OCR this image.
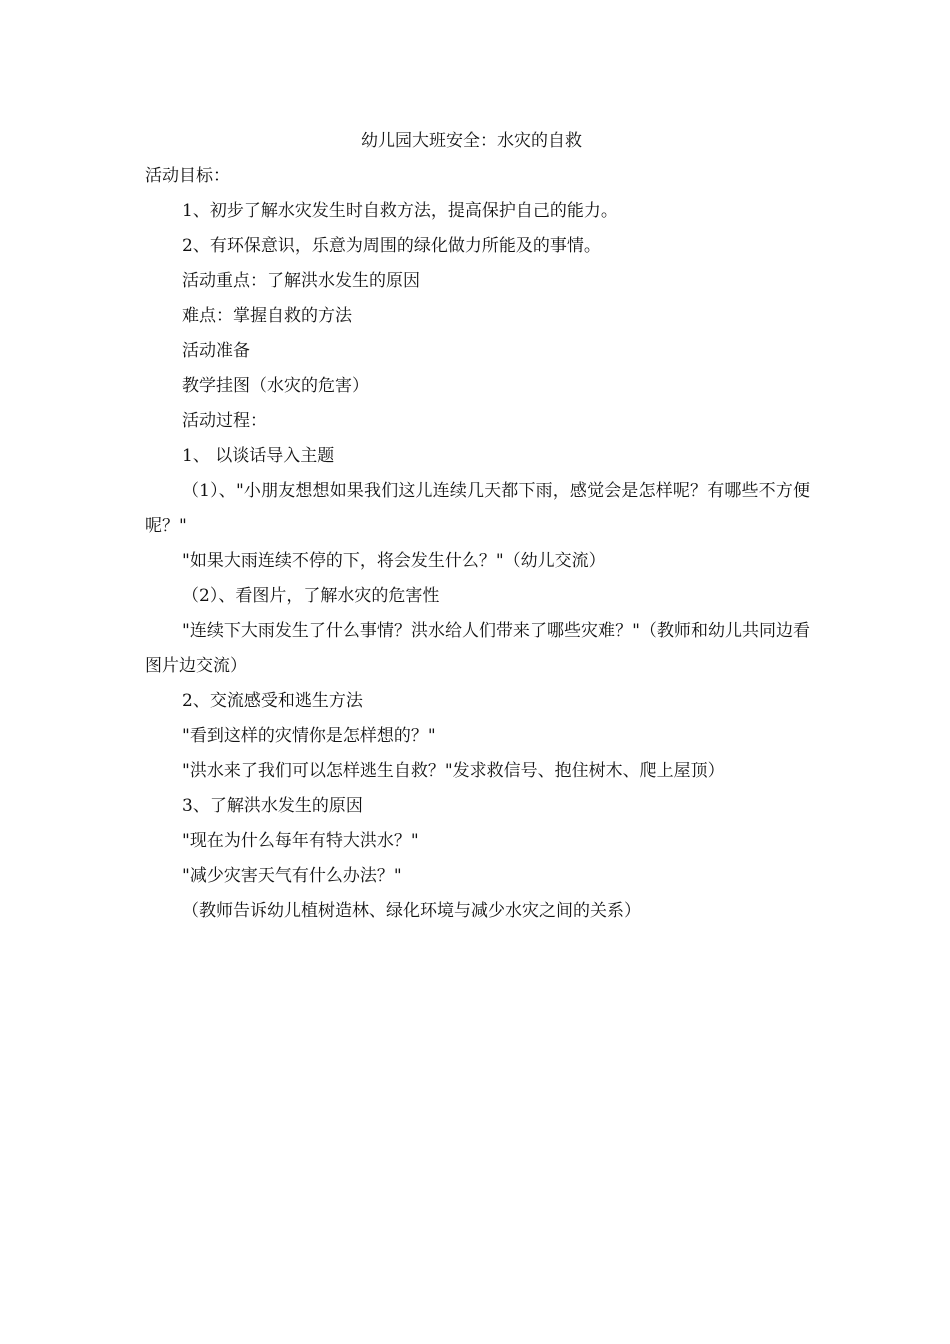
幼儿园大班安全：水灾的自救
活动目标：
1、初步了解水灾发生时自救方法，提高保护自己的能力。
2、有环保意识，乐意为周围的绿化做力所能及的事情。
活动重点：了解洪水发生的原因
难点：掌握自救的方法
活动准备
教学挂图（水灾的危害）
活动过程：
1、 以谈话导入主题
（1）、"小朋友想想如果我们这儿连续几天都下雨，感觉会是怎样呢？有哪些不方便呢？"
"如果大雨连续不停的下，将会发生什么？"（幼儿交流）
（2）、看图片，了解水灾的危害性
"连续下大雨发生了什么事情？洪水给人们带来了哪些灾难？"（教师和幼儿共同边看图片边交流）
2、交流感受和逃生方法
"看到这样的灾情你是怎样想的？"
"洪水来了我们可以怎样逃生自救？"发求救信号、抱住树木、爬上屋顶）
3、了解洪水发生的原因
"现在为什么每年有特大洪水？"
"减少灾害天气有什么办法？"
（教师告诉幼儿植树造林、绿化环境与减少水灾之间的关系）
